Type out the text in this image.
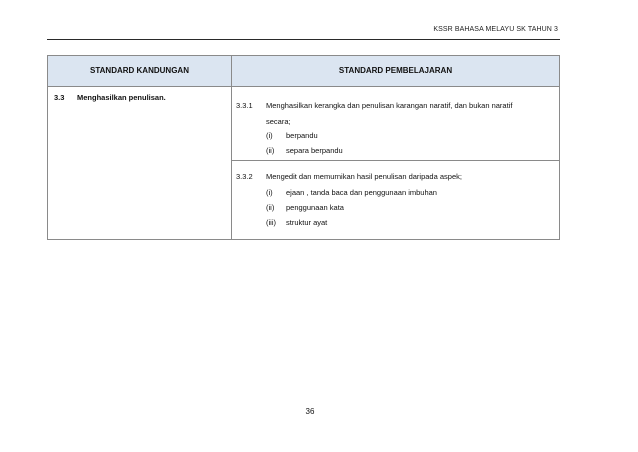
KSSR BAHASA MELAYU SK TAHUN 3
STANDARD KANDUNGAN	STANDARD PEMBELAJARAN
3.3 Menghasilkan penulisan.
3.3.1 Menghasilkan kerangka dan penulisan karangan naratif, dan bukan naratif
secara;
(i) berpandu
(ii) separa berpandu
3.3.2 Mengedit dan memurnikan hasil penulisan daripada aspek;
(i) ejaan , tanda baca dan penggunaan imbuhan
(ii) penggunaan kata
(iii) struktur ayat
36
